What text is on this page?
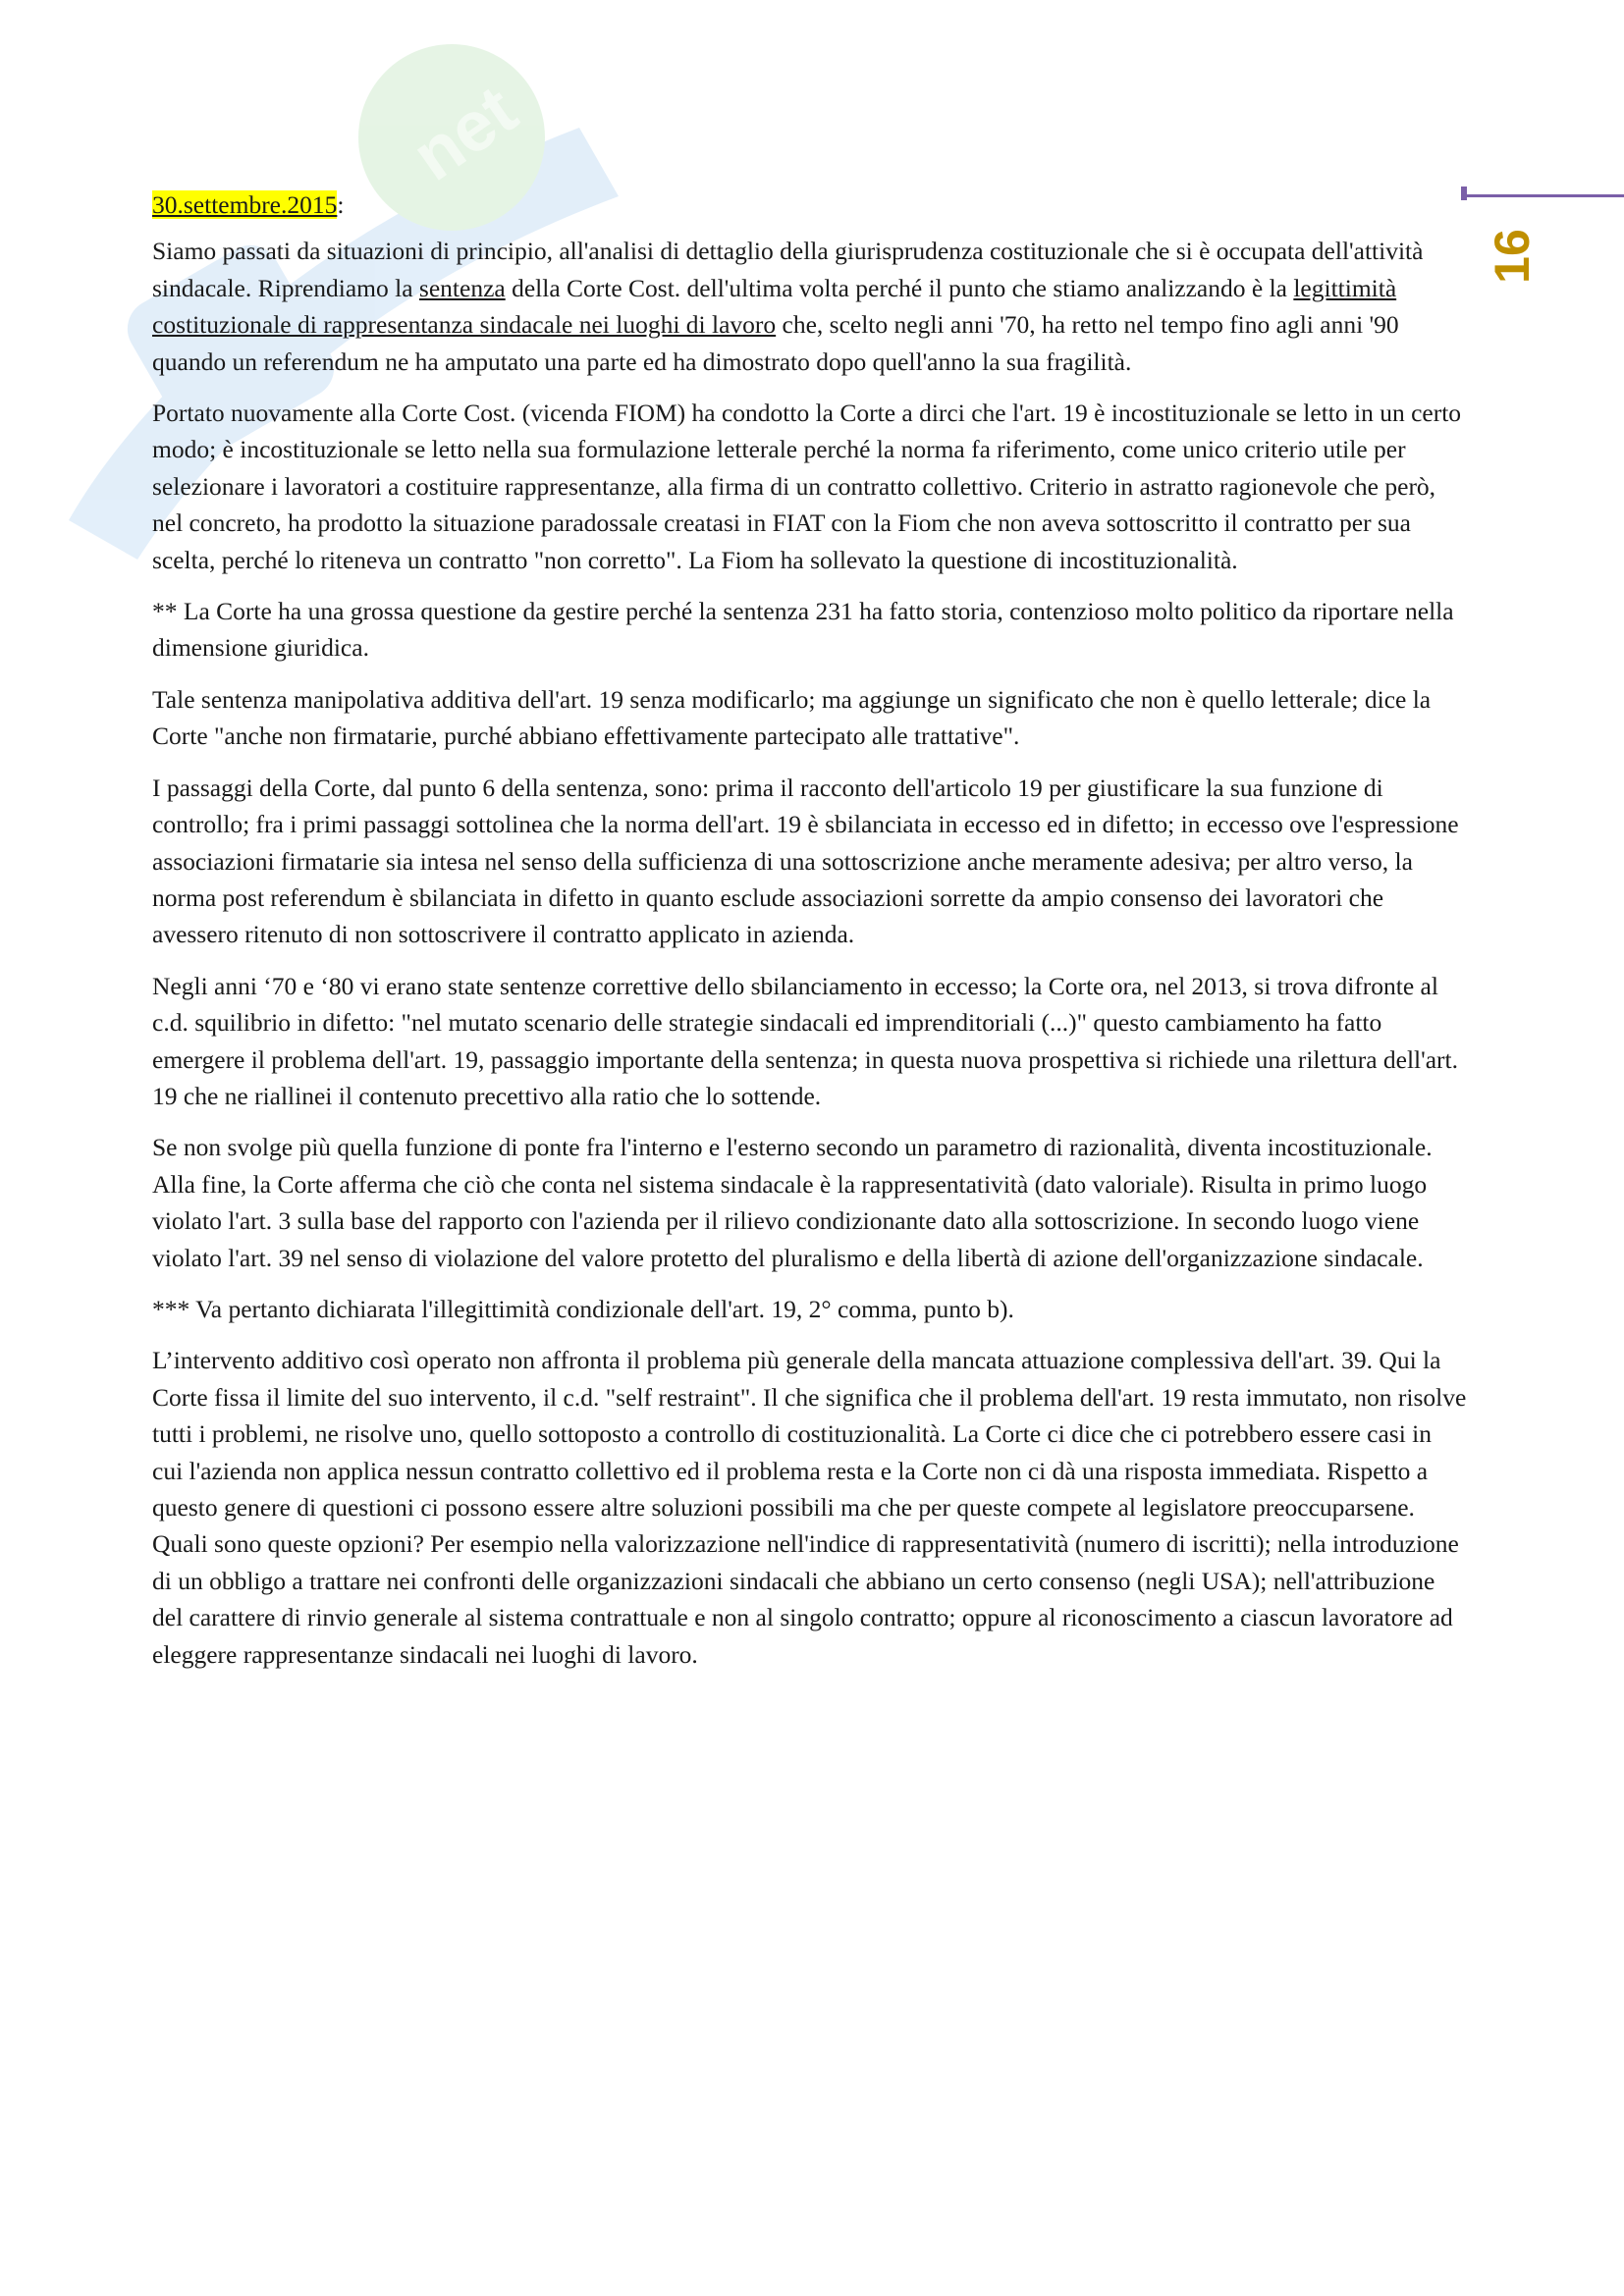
net
16
30.settembre.2015:

Siamo passati da situazioni di principio, all'analisi di dettaglio della giurisprudenza costituzionale che si è occupata dell'attività sindacale. Riprendiamo la sentenza della Corte Cost. dell'ultima volta perché il punto che stiamo analizzando è la legittimità costituzionale di rappresentanza sindacale nei luoghi di lavoro che, scelto negli anni '70, ha retto nel tempo fino agli anni '90 quando un referendum ne ha amputato una parte ed ha dimostrato dopo quell'anno la sua fragilità.

Portato nuovamente alla Corte Cost. (vicenda FIOM) ha condotto la Corte a dirci che l'art. 19 è incostituzionale se letto in un certo modo; è incostituzionale se letto nella sua formulazione letterale perché la norma fa riferimento, come unico criterio utile per selezionare i lavoratori a costituire rappresentanze, alla firma di un contratto collettivo. Criterio in astratto ragionevole che però, nel concreto, ha prodotto la situazione paradossale creatasi in FIAT con la Fiom che non aveva sottoscritto il contratto per sua scelta, perché lo riteneva un contratto "non corretto". La Fiom ha sollevato la questione di incostituzionalità.

** La Corte ha una grossa questione da gestire perché la sentenza 231 ha fatto storia, contenzioso molto politico da riportare nella dimensione giuridica.

Tale sentenza manipolativa additiva dell'art. 19 senza modificarlo; ma aggiunge un significato che non è quello letterale; dice la Corte "anche non firmatarie, purché abbiano effettivamente partecipato alle trattative".

I passaggi della Corte, dal punto 6 della sentenza, sono: prima il racconto dell'articolo 19 per giustificare la sua funzione di controllo; fra i primi passaggi sottolinea che la norma dell'art. 19 è sbilanciata in eccesso ed in difetto; in eccesso ove l'espressione associazioni firmatarie sia intesa nel senso della sufficienza di una sottoscrizione anche meramente adesiva; per altro verso, la norma post referendum è sbilanciata in difetto in quanto esclude associazioni sorrette da ampio consenso dei lavoratori che avessero ritenuto di non sottoscrivere il contratto applicato in azienda.

Negli anni ‘70 e ‘80 vi erano state sentenze correttive dello sbilanciamento in eccesso; la Corte ora, nel 2013, si trova difronte al c.d. squilibrio in difetto: "nel mutato scenario delle strategie sindacali ed imprenditoriali (...)" questo cambiamento ha fatto emergere il problema dell'art. 19, passaggio importante della sentenza; in questa nuova prospettiva si richiede una rilettura dell'art. 19 che ne riallinei il contenuto precettivo alla ratio che lo sottende.

Se non svolge più quella funzione di ponte fra l'interno e l'esterno secondo un parametro di razionalità, diventa incostituzionale. Alla fine, la Corte afferma che ciò che conta nel sistema sindacale è la rappresentatività (dato valoriale). Risulta in primo luogo violato l'art. 3 sulla base del rapporto con l'azienda per il rilievo condizionante dato alla sottoscrizione. In secondo luogo viene violato l'art. 39 nel senso di violazione del valore protetto del pluralismo e della libertà di azione dell'organizzazione sindacale.

*** Va pertanto dichiarata l'illegittimità condizionale dell'art. 19, 2° comma, punto b).

L’intervento additivo così operato non affronta il problema più generale della mancata attuazione complessiva dell'art. 39. Qui la Corte fissa il limite del suo intervento, il c.d. "self restraint". Il che significa che il problema dell'art. 19 resta immutato, non risolve tutti i problemi, ne risolve uno, quello sottoposto a controllo di costituzionalità. La Corte ci dice che ci potrebbero essere casi in cui l'azienda non applica nessun contratto collettivo ed il problema resta e la Corte non ci dà una risposta immediata. Rispetto a questo genere di questioni ci possono essere altre soluzioni possibili ma che per queste compete al legislatore preoccuparsene. Quali sono queste opzioni? Per esempio nella valorizzazione nell'indice di rappresentatività (numero di iscritti); nella introduzione di un obbligo a trattare nei confronti delle organizzazioni sindacali che abbiano un certo consenso (negli USA); nell'attribuzione del carattere di rinvio generale al sistema contrattuale e non al singolo contratto; oppure al riconoscimento a ciascun lavoratore ad eleggere rappresentanze sindacali nei luoghi di lavoro.
